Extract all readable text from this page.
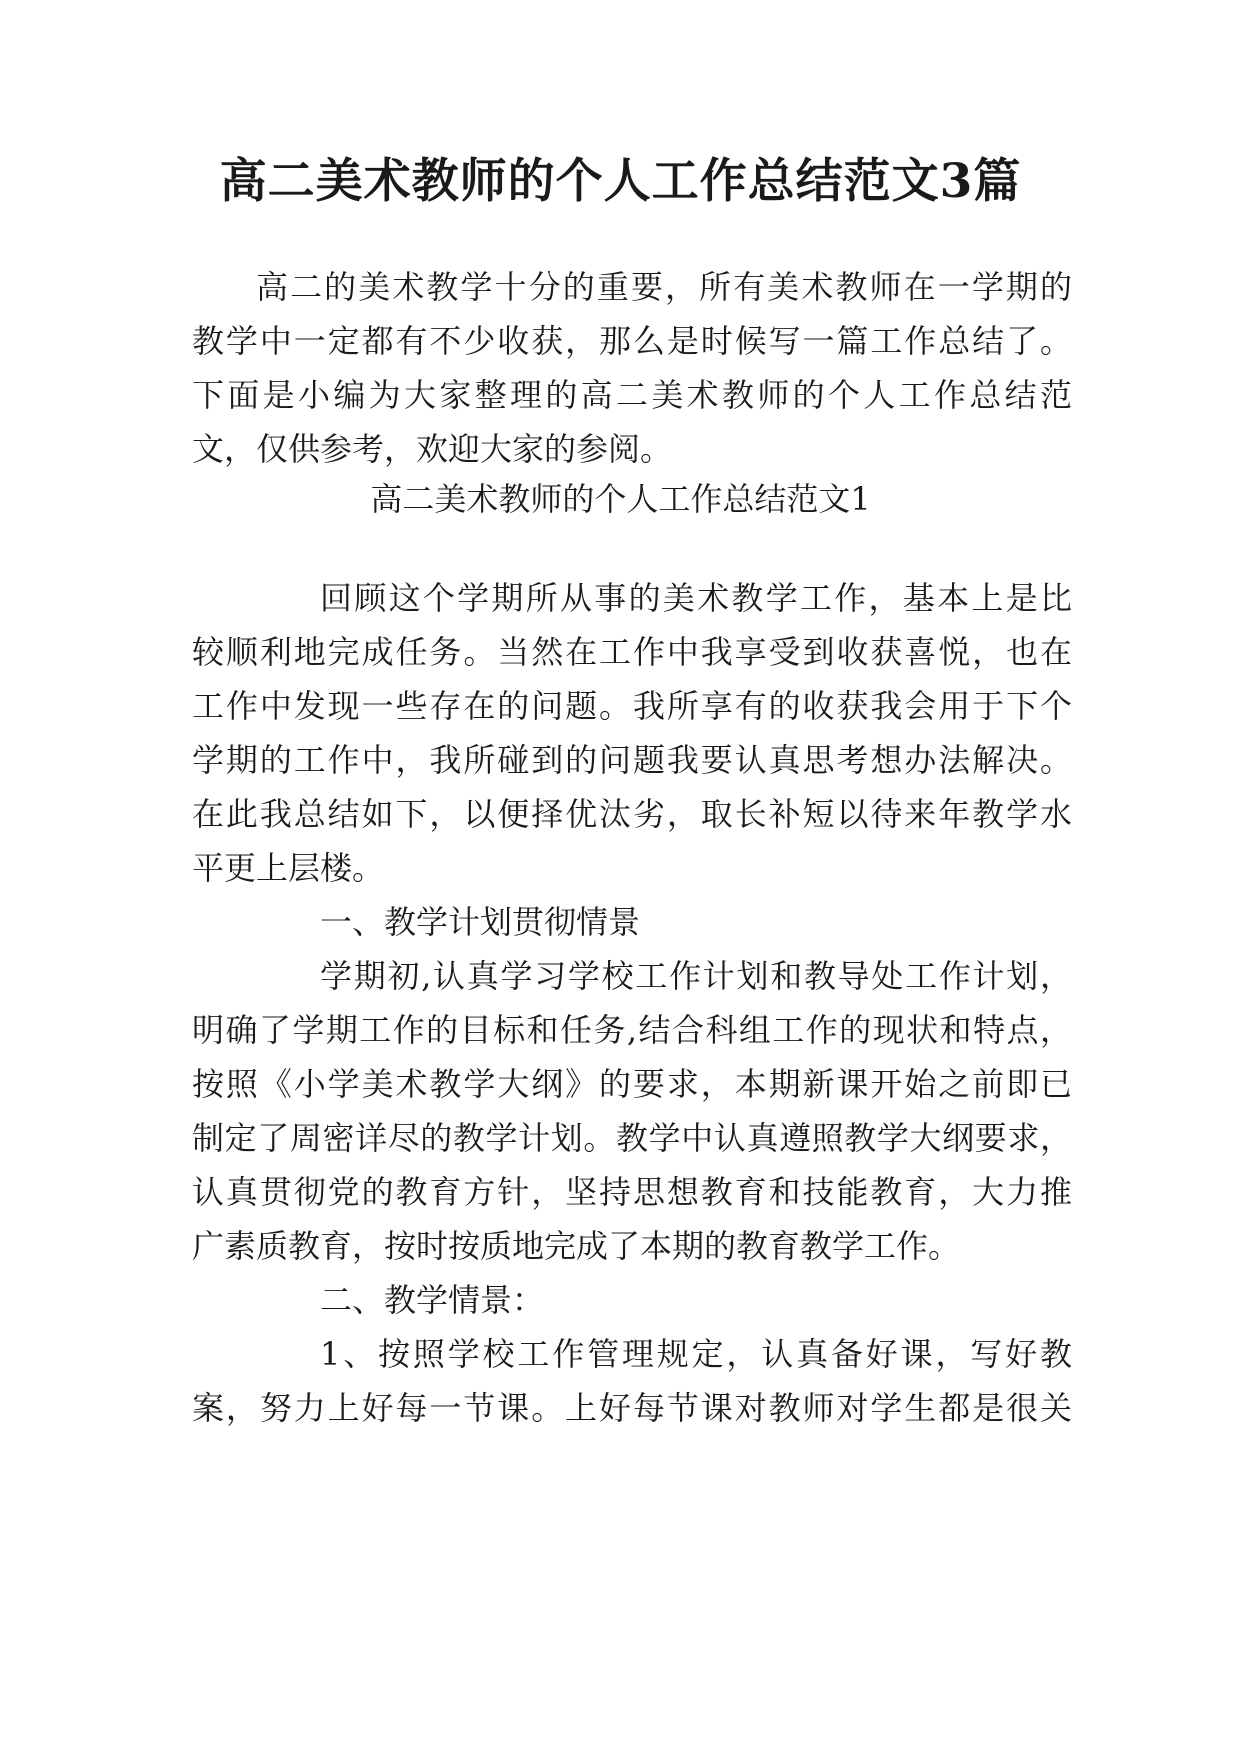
高二美术教师的个人工作总结范文3篇

高二的美术教学十分的重要，所有美术教师在一学期的

教学中一定都有不少收获，那么是时候写一篇工作总结了。

下面是小编为大家整理的高二美术教师的个人工作总结范

文，仅供参考，欢迎大家的参阅。

高二美术教师的个人工作总结范文1

回顾这个学期所从事的美术教学工作，基本上是比

较顺利地完成任务。当然在工作中我享受到收获喜悦，也在

工作中发现一些存在的问题。我所享有的收获我会用于下个

学期的工作中，我所碰到的问题我要认真思考想办法解决。

在此我总结如下，以便择优汰劣，取长补短以待来年教学水

平更上层楼。

一、教学计划贯彻情景

学期初,认真学习学校工作计划和教导处工作计划，

明确了学期工作的目标和任务,结合科组工作的现状和特点，

按照《小学美术教学大纲》的要求，本期新课开始之前即已

制定了周密详尽的教学计划。教学中认真遵照教学大纲要求，

认真贯彻党的教育方针，坚持思想教育和技能教育，大力推

广素质教育，按时按质地完成了本期的教育教学工作。

二、教学情景：

1、按照学校工作管理规定，认真备好课，写好教

案，努力上好每一节课。上好每节课对教师对学生都是很关
